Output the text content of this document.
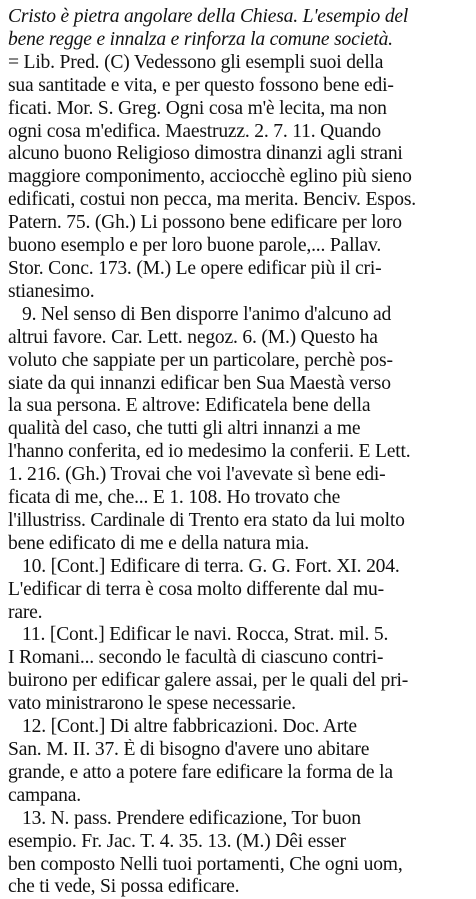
Cristo è pietra angolare della Chiesa. L'esempio del
bene regge e innalza e rinforza la comune società.
= Lib. Pred. (C) Vedessono gli esempli suoi della
sua santitade e vita, e per questo fossono bene edi-
ficati. Mor. S. Greg. Ogni cosa m'è lecita, ma non
ogni cosa m'edifica. Maestruzz. 2. 7. 11. Quando
alcuno buono Religioso dimostra dinanzi agli strani
maggiore componimento, acciocchè eglino più sieno
edificati, costui non pecca, ma merita. Benciv. Espos.
Patern. 75. (Gh.) Li possono bene edificare per loro
buono esemplo e per loro buone parole,... Pallav.
Stor. Conc. 173. (M.) Le opere edificar più il cri-
stianesimo.
9. Nel senso di Ben disporre l'animo d'alcuno ad
altrui favore. Car. Lett. negoz. 6. (M.) Questo ha
voluto che sappiate per un particolare, perchè pos-
siate da qui innanzi edificar ben Sua Maestà verso
la sua persona. E altrove: Edificatela bene della
qualità del caso, che tutti gli altri innanzi a me
l'hanno conferita, ed io medesimo la conferii. E Lett.
1. 216. (Gh.) Trovai che voi l'avevate sì bene edi-
ficata di me, che... E 1. 108. Ho trovato che
l'illustriss. Cardinale di Trento era stato da lui molto
bene edificato di me e della natura mia.
10. [Cont.] Edificare di terra. G. G. Fort. XI. 204.
L'edificar di terra è cosa molto differente dal mu-
rare.
11. [Cont.] Edificar le navi. Rocca, Strat. mil. 5.
I Romani... secondo le facultà di ciascuno contri-
buirono per edificar galere assai, per le quali del pri-
vato ministrarono le spese necessarie.
12. [Cont.] Di altre fabbricazioni. Doc. Arte
San. M. II. 37. È di bisogno d'avere uno abitare
grande, e atto a potere fare edificare la forma de la
campana.
13. N. pass. Prendere edificazione, Tor buon
esempio. Fr. Jac. T. 4. 35. 13. (M.) Dêi esser
ben composto Nelli tuoi portamenti, Che ogni uom,
che ti vede, Si possa edificare.
